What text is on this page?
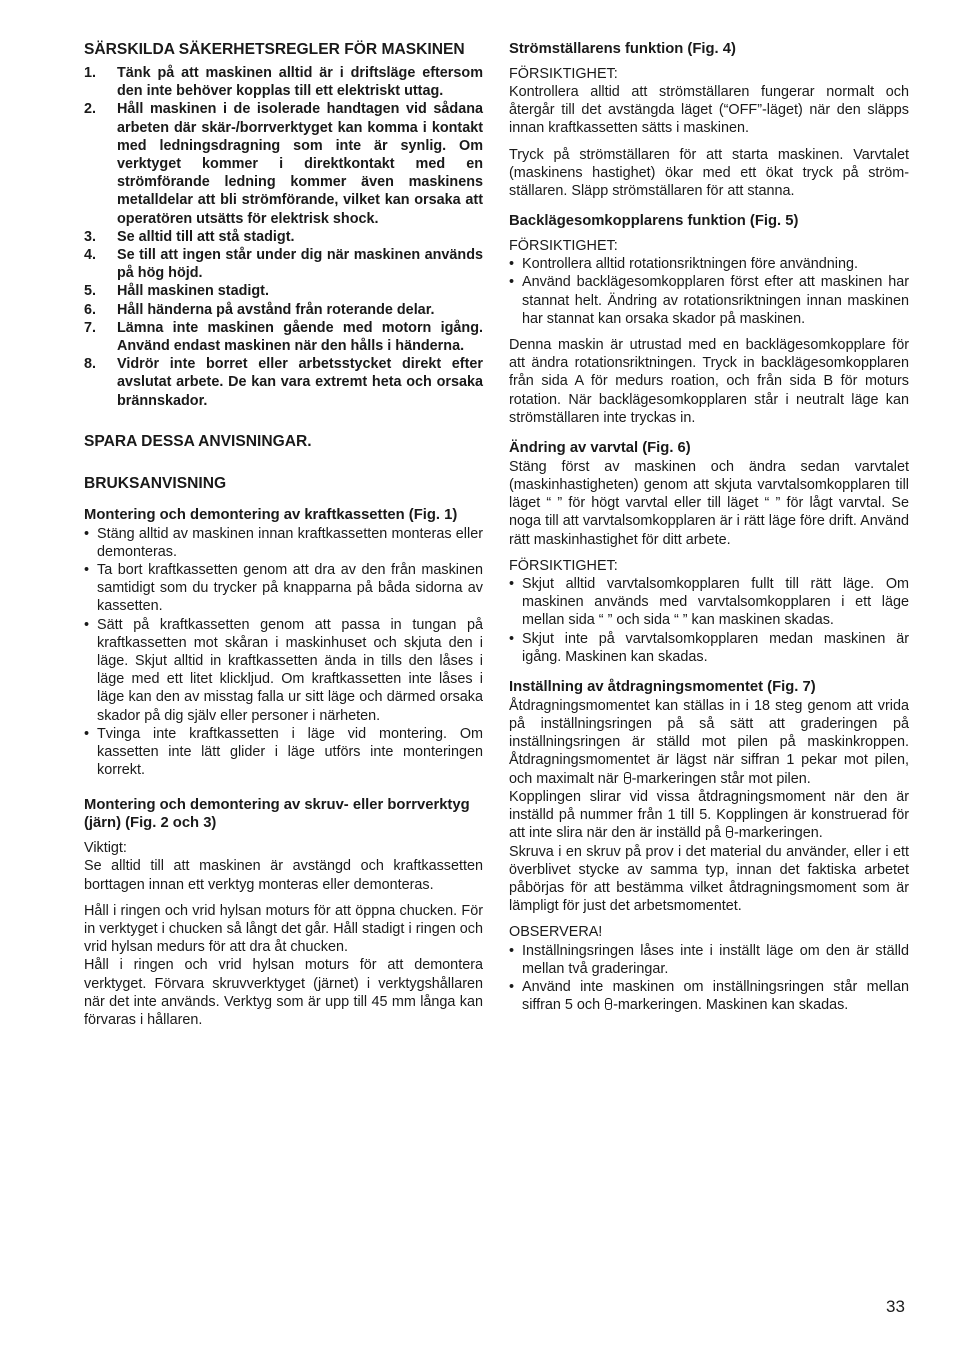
SÄRSKILDA SÄKERHETSREGLER FÖR MASKINEN
1. Tänk på att maskinen alltid är i driftsläge eftersom den inte behöver kopplas till ett elektriskt uttag.
2. Håll maskinen i de isolerade handtagen vid sådana arbeten där skär-/borrverktyget kan komma i kontakt med ledningsdragning som inte är synlig. Om verktyget kommer i direktkontakt med en strömförande ledning kommer även maskinens metalldelar att bli strömförande, vilket kan orsaka att operatören utsätts för elektrisk shock.
3. Se alltid till att stå stadigt.
4. Se till att ingen står under dig när maskinen används på hög höjd.
5. Håll maskinen stadigt.
6. Håll händerna på avstånd från roterande delar.
7. Lämna inte maskinen gående med motorn igång. Använd endast maskinen när den hålls i händerna.
8. Vidrör inte borret eller arbetsstycket direkt efter avslutat arbete. De kan vara extremt heta och orsaka brännskador.
SPARA DESSA ANVISNINGAR.
BRUKSANVISNING
Montering och demontering av kraftkassetten (Fig. 1)
• Stäng alltid av maskinen innan kraftkassetten monteras eller demonteras.
• Ta bort kraftkassetten genom att dra av den från maskinen samtidigt som du trycker på knapparna på båda sidorna av kassetten.
• Sätt på kraftkassetten genom att passa in tungan på kraftkassetten mot skåran i maskinhuset och skjuta den i läge. Skjut alltid in kraftkassetten ända in tills den låses i läge med ett litet klickljud. Om kraftkassetten inte låses i läge kan den av misstag falla ur sitt läge och därmed orsaka skador på dig själv eller personer i närheten.
• Tvinga inte kraftkassetten i läge vid montering. Om kassetten inte lätt glider i läge utförs inte monteringen korrekt.
Montering och demontering av skruv- eller borrverktyg (järn) (Fig. 2 och 3)

Viktigt:

Se alltid till att maskinen är avstängd och kraftkassetten borttagen innan ett verktyg monteras eller demonteras.

Håll i ringen och vrid hylsan moturs för att öppna chucken. För in verktyget i chucken så långt det går. Håll stadigt i ringen och vrid hylsan medurs för att dra åt chucken.

Håll i ringen och vrid hylsan moturs för att demontera verktyget. Förvara skruvverktyget (järnet) i verktygshållaren när det inte används. Verktyg som är upp till 45 mm långa kan förvaras i hållaren.

Strömställarens funktion (Fig. 4)

FÖRSIKTIGHET:

Kontrollera alltid att strömställaren fungerar normalt och återgår till det avstängda läget (“OFF”-läget) när den släpps innan kraftkassetten sätts i maskinen.

Tryck på strömställaren för att starta maskinen. Varvtalet (maskinens hastighet) ökar med ett ökat tryck på strömställaren. Släpp strömställaren för att stanna.

Backlägesomkopplarens funktion (Fig. 5)

FÖRSIKTIGHET:

• Kontrollera alltid rotationsriktningen före användning.
• Använd backlägesomkopplaren först efter att maskinen har stannat helt. Ändring av rotationsriktningen innan maskinen har stannat kan orsaka skador på maskinen.

Denna maskin är utrustad med en backlägesomkopplare för att ändra rotationsriktningen. Tryck in backlägesomkopplaren från sida A för medurs roation, och från sida B för moturs rotation. När backlägesomkopplaren står i neutralt läge kan strömställaren inte tryckas in.

Ändring av varvtal (Fig. 6)

Stäng först av maskinen och ändra sedan varvtalet (maskinhastigheten) genom att skjuta varvtalsomkopplaren till läget “ ” för högt varvtal eller till läget “ ” för lågt varvtal. Se noga till att varvtalsomkopplaren är i rätt läge före drift. Använd rätt maskinhastighet för ditt arbete.

FÖRSIKTIGHET:

• Skjut alltid varvtalsomkopplaren fullt till rätt läge. Om maskinen används med varvtalsomkopplaren i ett läge mellan sida “ ” och sida “ ” kan maskinen skadas.
• Skjut inte på varvtalsomkopplaren medan maskinen är igång. Maskinen kan skadas.
Inställning av åtdragningsmomentet (Fig. 7)

Åtdragningsmomentet kan ställas in i 18 steg genom att vrida på inställningsringen på så sätt att graderingen på inställningsringen är ställd mot pilen på maskinkroppen. Åtdragningsmomentet är lägst när siffran 1 pekar mot pilen, och maximalt när -markeringen står mot pilen.

Kopplingen slirar vid vissa åtdragningsmoment när den är inställd på nummer från 1 till 5. Kopplingen är konstruerad för att inte slira när den är inställd på -markeringen.

Skruva i en skruv på prov i det material du använder, eller i ett överblivet stycke av samma typ, innan det faktiska arbetet påbörjas för att bestämma vilket åtdragningsmoment som är lämpligt för just det arbetsmomentet.

OBSERVERA!

• Inställningsringen låses inte i inställt läge om den är ställd mellan två graderingar.
• Använd inte maskinen om inställningsringen står mellan siffran 5 och -markeringen. Maskinen kan skadas.
33
